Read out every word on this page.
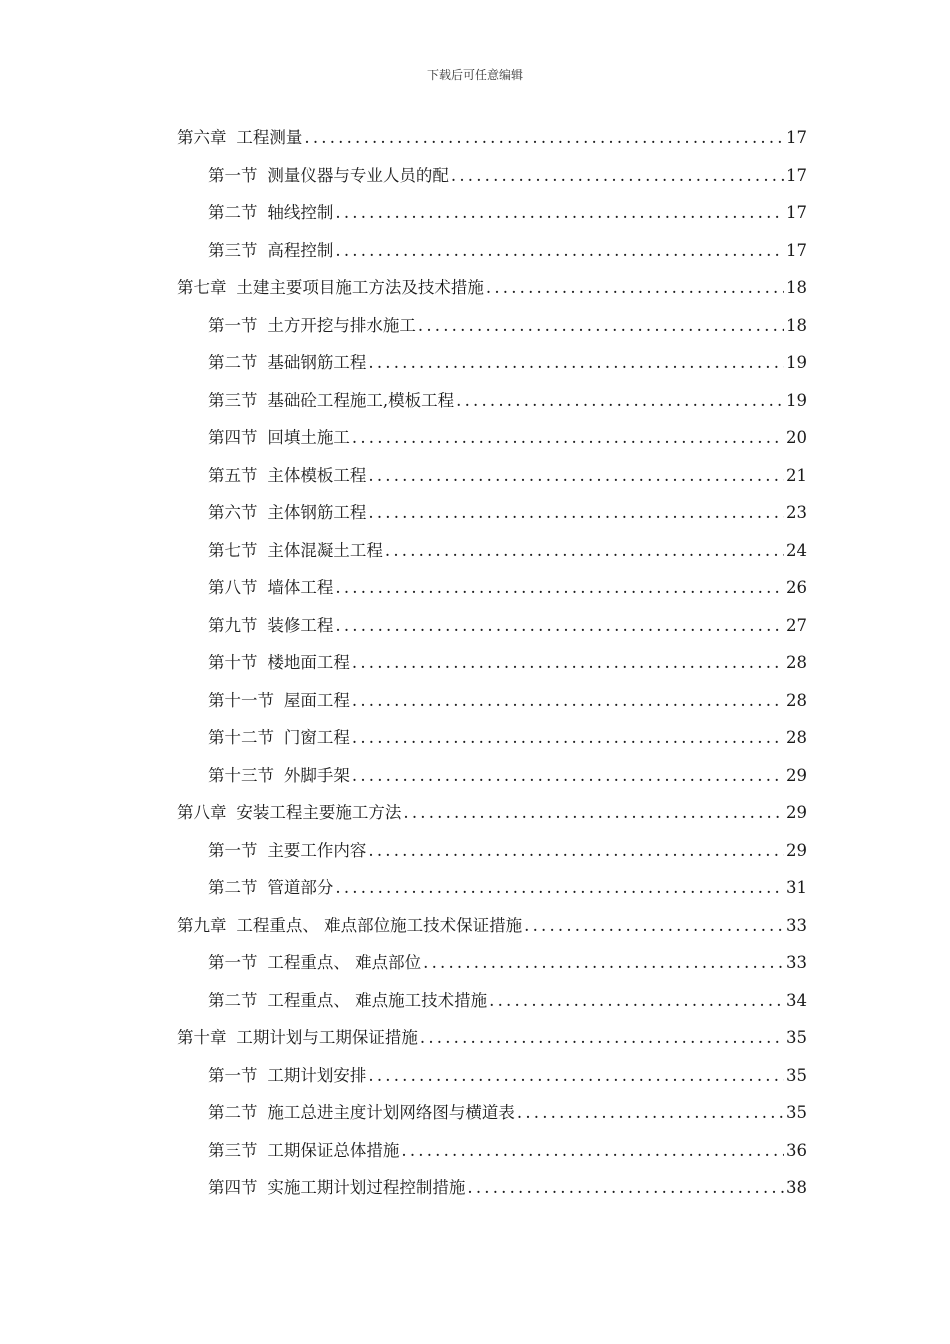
下载后可任意编辑
第六章 工程测量 .....	17
第一节 测量仪器与专业人员的配 .....	17
第二节 轴线控制 .....	17
第三节 高程控制 .....	17
第七章 土建主要项目施工方法及技术措施 .....	18
第一节 土方开挖与排水施工 .....	18
第二节 基础钢筋工程 .....	19
第三节 基础砼工程施工,模板工程 .....	19
第四节 回填土施工 .....	20
第五节 主体模板工程 .....	21
第六节 主体钢筋工程 .....	23
第七节 主体混凝土工程 .....	24
第八节 墙体工程 .....	26
第九节 装修工程 .....	27
第十节 楼地面工程 .....	28
第十一节 屋面工程 .....	28
第十二节 门窗工程 .....	28
第十三节 外脚手架 .....	29
第八章 安装工程主要施工方法 .....	29
第一节 主要工作内容 .....	29
第二节 管道部分 .....	31
第九章 工程重点、 难点部位施工技术保证措施 .....	33
第一节 工程重点、 难点部位 .....	33
第二节 工程重点、 难点施工技术措施 .....	34
第十章 工期计划与工期保证措施 .....	35
第一节 工期计划安排 .....	35
第二节 施工总进主度计划网络图与横道表 .....	35
第三节 工期保证总体措施 .....	36
第四节 实施工期计划过程控制措施 .....	38
